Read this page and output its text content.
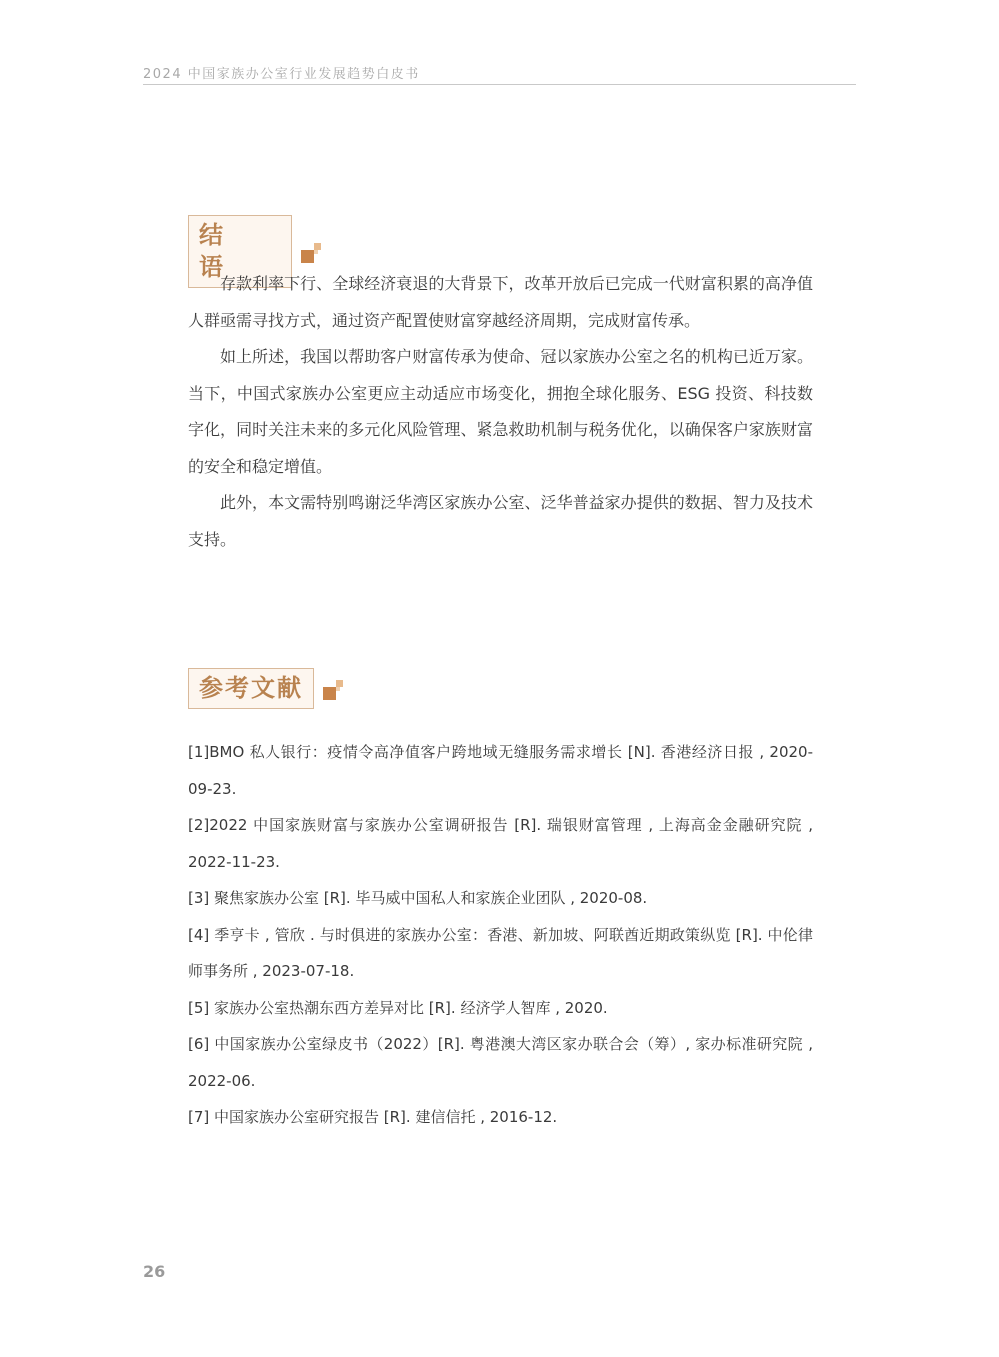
2024 中国家族办公室行业发展趋势白皮书
结语

存款利率下行、全球经济衰退的大背景下，改革开放后已完成一代财富积累的高净值人群亟需寻找方式，通过资产配置使财富穿越经济周期，完成财富传承。

如上所述，我国以帮助客户财富传承为使命、冠以家族办公室之名的机构已近万家。当下，中国式家族办公室更应主动适应市场变化，拥抱全球化服务、ESG 投资、科技数字化，同时关注未来的多元化风险管理、紧急救助机制与税务优化，以确保客户家族财富的安全和稳定增值。

此外，本文需特别鸣谢泛华湾区家族办公室、泛华普益家办提供的数据、智力及技术支持。

参考文献

[1]BMO 私人银行：疫情令高净值客户跨地域无缝服务需求增长 [N]. 香港经济日报 , 2020-09-23.

[2]2022 中国家族财富与家族办公室调研报告 [R]. 瑞银财富管理 , 上海高金金融研究院 , 2022-11-23.

[3] 聚焦家族办公室 [R]. 毕马威中国私人和家族企业团队 , 2020-08.

[4] 季亨卡 , 管欣 . 与时俱进的家族办公室：香港、新加坡、阿联酋近期政策纵览 [R]. 中伦律师事务所 , 2023-07-18.

[5] 家族办公室热潮东西方差异对比 [R]. 经济学人智库 , 2020.

[6] 中国家族办公室绿皮书（2022）[R]. 粤港澳大湾区家办联合会（筹）, 家办标准研究院 , 2022-06.

[7] 中国家族办公室研究报告 [R]. 建信信托 , 2016-12.

26
